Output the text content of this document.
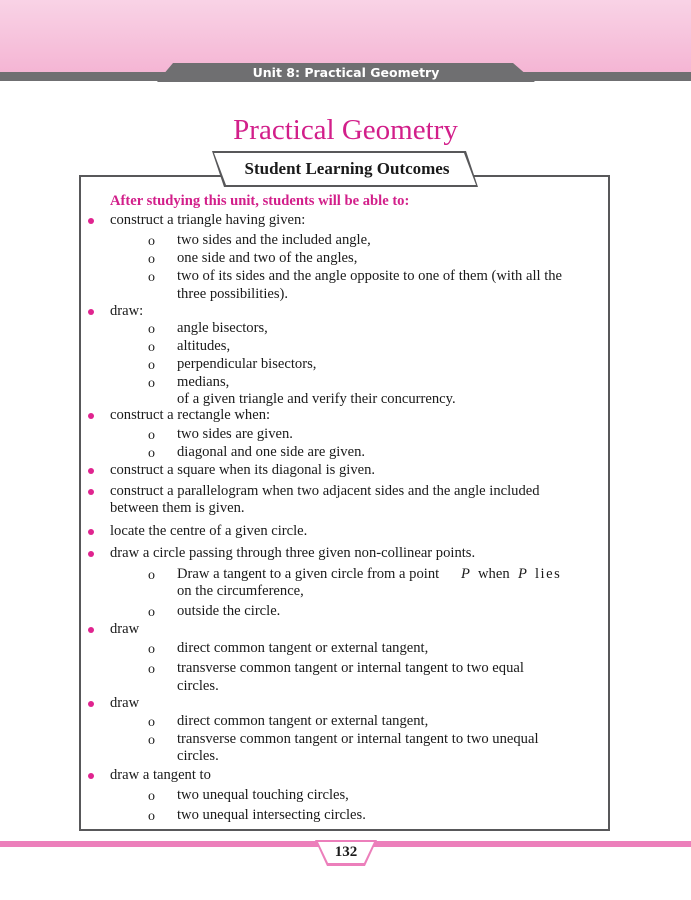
Unit 8: Practical Geometry
Practical Geometry
Student Learning Outcomes
After studying this unit, students will be able to:
construct a triangle having given:
o two sides and the included angle,
o one side and two of the angles,
o two of its sides and the angle opposite to one of them (with all the
three possibilities).
draw:
o angle bisectors,
o altitudes,
o perpendicular bisectors,
o medians,
of a given triangle and verify their concurrency.
construct a rectangle when:
o two sides are given.
o diagonal and one side are given.
construct a square when its diagonal is given.
construct a parallelogram when two adjacent sides and the angle included
between them is given.
locate the centre of a given circle.
draw a circle passing through three given non-collinear points.
o Draw a tangent to a given circle from a point P when P lies
on the circumference,
o outside the circle.
draw
o direct common tangent or external tangent,
o transverse common tangent or internal tangent to two equal
circles.
draw
o direct common tangent or external tangent,
o transverse common tangent or internal tangent to two unequal
circles.
draw a tangent to
o two unequal touching circles,
o two unequal intersecting circles.
132
